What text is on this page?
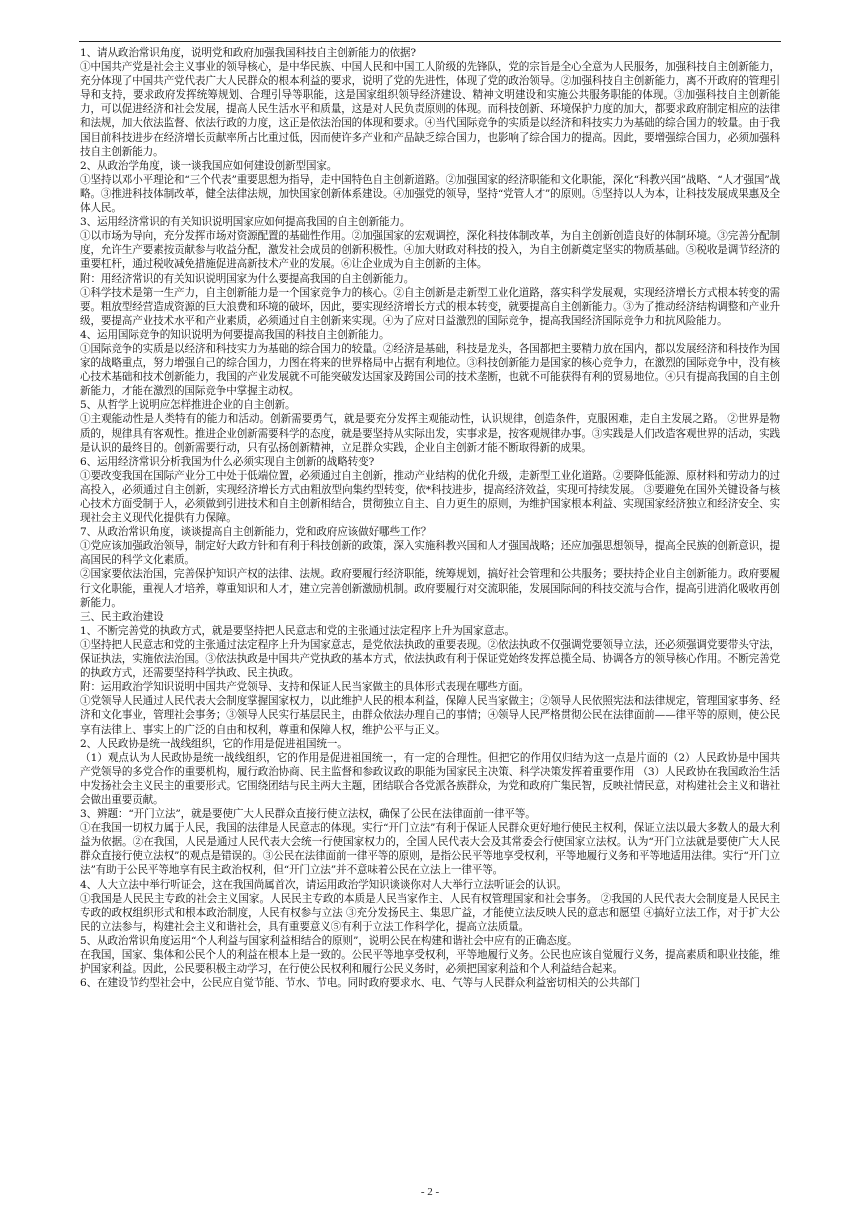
1、请从政治常识角度，说明党和政府加强我国科技自主创新能力的依据?

①中国共产党是社会主义事业的领导核心，是中华民族、中国人民和中国工人阶级的先锋队，党的宗旨是全心全意为人民服务，加强科技自主创新能力，充分体现了中国共产党代表广大人民群众的根本利益的要求，说明了党的先进性，体现了党的政治领导。②加强科技自主创新能力，离不开政府的管理引导和支持，要求政府发挥统筹规划、合理引导等职能，这是国家组织领导经济建设、精神文明建设和实施公共服务职能的体现。③加强科技自主创新能力，可以促进经济和社会发展，提高人民生活水平和质量，这是对人民负责原则的体现。而科技创新、环境保护力度的加大，都要求政府制定相应的法律和法规，加大依法监督、依法行政的力度，这正是依法治国的体现和要求。④当代国际竞争的实质是以经济和科技实力为基础的综合国力的较量。由于我国目前科技进步在经济增长贡献率所占比重过低，因而使许多产业和产品缺乏综合国力，也影响了综合国力的提高。因此，要增强综合国力，必须加强科技自主创新能力。

2、从政治学角度，谈一谈我国应如何建设创新型国家。

①坚持以邓小平理论和“三个代表”重要思想为指导，走中国特色自主创新道路。②加强国家的经济职能和文化职能，深化“科教兴国”战略、“人才强国”战略。③推进科技体制改革，健全法律法规，加快国家创新体系建设。④加强党的领导，坚持“党管人才”的原则。⑤坚持以人为本，让科技发展成果惠及全体人民。

3、运用经济常识的有关知识说明国家应如何提高我国的自主创新能力。

①以市场为导向，充分发挥市场对资源配置的基础性作用。②加强国家的宏观调控，深化科技体制改革，为自主创新创造良好的体制环境。③完善分配制度，允许生产要素按贡献参与收益分配，激发社会成员的创新积极性。④加大财政对科技的投入，为自主创新奠定坚实的物质基础。⑤税收是调节经济的重要杠杆，通过税收减免措施促进高新技术产业的发展。⑥让企业成为自主创新的主体。

附：用经济常识的有关知识说明国家为什么要提高我国的自主创新能力。

①科学技术是第一生产力，自主创新能力是一个国家竞争力的核心。②自主创新是走新型工业化道路，落实科学发展观，实现经济增长方式根本转变的需要。粗放型经营造成资源的巨大浪费和环境的破坏，因此，要实现经济增长方式的根本转变，就要提高自主创新能力。③为了推动经济结构调整和产业升级，要提高产业技术水平和产业素质，必须通过自主创新来实现。④为了应对日益激烈的国际竞争，提高我国经济国际竞争力和抗风险能力。

4、运用国际竞争的知识说明为何要提高我国的科技自主创新能力。

①国际竞争的实质是以经济和科技实力为基础的综合国力的较量。②经济是基础，科技是龙头，各国都把主要精力放在国内，都以发展经济和科技作为国家的战略重点，努力增强自己的综合国力，力图在将来的世界格局中占据有利地位。③科技创新能力是国家的核心竞争力，在激烈的国际竞争中，没有核心技术基础和技术创新能力，我国的产业发展就不可能突破发达国家及跨国公司的技术垄断，也就不可能获得有利的贸易地位。④只有提高我国的自主创新能力，才能在激烈的国际竞争中掌握主动权。

5、从哲学上说明应怎样推进企业的自主创新。

①主观能动性是人类特有的能力和活动。创新需要勇气，就是要充分发挥主观能动性，认识规律，创造条件，克服困难，走自主发展之路。 ②世界是物质的，规律具有客观性。推进企业创新需要科学的态度，就是要坚持从实际出发，实事求是，按客观规律办事。③实践是人们改造客观世界的活动，实践是认识的最终目的。创新需要行动，只有弘扬创新精神，立足群众实践，企业自主创新才能不断取得新的成果。

6、运用经济常识分析我国为什么必须实现自主创新的战略转变?

①要改变我国在国际产业分工中处于低端位置，必须通过自主创新，推动产业结构的优化升级，走新型工业化道路。②要降低能源、原材料和劳动力的过高投入，必须通过自主创新，实现经济增长方式由粗放型向集约型转变，依*科技进步，提高经济效益，实现可持续发展。 ③要避免在国外关键设备与核心技术方面受制于人，必须做到引进技术和自主创新相结合，贯彻独立自主、自力更生的原则，为维护国家根本利益、实现国家经济独立和经济安全、实现社会主义现代化提供有力保障。

7、从政治常识角度，谈谈提高自主创新能力，党和政府应该做好哪些工作？

①党应该加强政治领导，制定好大政方针和有利于科技创新的政策，深入实施科教兴国和人才强国战略；还应加强思想领导，提高全民族的创新意识，提高国民的科学文化素质。

②国家要依法治国，完善保护知识产权的法律、法规。政府要履行经济职能，统筹规划，搞好社会管理和公共服务；要扶持企业自主创新能力。政府要履行文化职能，重视人才培养，尊重知识和人才，建立完善创新激励机制。政府要履行对交流职能，发展国际间的科技交流与合作，提高引进消化吸收再创新能力。

三、民主政治建设

1、不断完善党的执政方式，就是要坚持把人民意志和党的主张通过法定程序上升为国家意志。

①坚持把人民意志和党的主张通过法定程序上升为国家意志，是党依法执政的重要表现。②依法执政不仅强调党要领导立法，还必须强调党要带头守法，保证执法，实施依法治国。③依法执政是中国共产党执政的基本方式，依法执政有利于保证党始终发挥总揽全局、协调各方的领导核心作用。不断完善党的执政方式，还需要坚持科学执政、民主执政。

附：运用政治学知识说明中国共产党领导、支持和保证人民当家做主的具体形式表现在哪些方面。

①党领导人民通过人民代表大会制度掌握国家权力，以此维护人民的根本利益，保障人民当家做主；②领导人民依照宪法和法律规定，管理国家事务、经济和文化事业，管理社会事务；③领导人民实行基层民主，由群众依法办理自己的事情；④领导人民严格贯彻公民在法律面前——律平等的原则，使公民享有法律上、事实上的广泛的自由和权利，尊重和保障人权，维护公平与正义。

2、人民政协是统一战线组织，它的作用是促进祖国统一。

（1）观点认为人民政协是统一战线组织，它的作用是促进祖国统一，有一定的合理性。但把它的作用仅归结为这一点是片面的（2）人民政协是中国共产党领导的多党合作的重要机构，履行政治协商、民主监督和参政议政的职能为国家民主决策、科学决策发挥着重要作用 （3）人民政协在我国政治生活中发扬社会主义民主的重要形式。它围绕团结与民主两大主题，团结联合各党派各族群众，为党和政府广集民智，反映社情民意，对构建社会主义和谐社会做出重要贡献。

3、辨题：“开门立法”，就是要使广大人民群众直接行使立法权，确保了公民在法律面前一律平等。

①在我国一切权力属于人民，我国的法律是人民意志的体现。实行“开门立法”有利于保证人民群众更好地行使民主权利，保证立法以最大多数人的最大利益为依据。②在我国，人民是通过人民代表大会统一行使国家权力的，全国人民代表大会及其常委会行使国家立法权。认为“开门立法就是要使广大人民群众直接行使立法权”的观点是错误的。③公民在法律面前一律平等的原则，是指公民平等地享受权利，平等地履行义务和平等地适用法律。实行“开门立法”有助于公民平等地享有民主政治权利，但“开门立法”并不意味着公民在立法上一律平等。

4、人大立法中举行听证会，这在我国尚属首次，请运用政治学知识谈谈你对人大举行立法听证会的认识。

①我国是人民民主专政的社会主义国家。人民民主专政的本质是人民当家作主、人民有权管理国家和社会事务。 ②我国的人民代表大会制度是人民民主专政的政权组织形式和根本政治制度，人民有权参与立法 ③充分发扬民主、集思广益，才能使立法反映人民的意志和愿望 ④搞好立法工作，对于扩大公民的立法参与，构建社会主义和谐社会，具有重要意义⑤有利于立法工作科学化，提高立法质量。

5、从政治常识角度运用“个人利益与国家利益相结合的原则”，说明公民在构建和谐社会中应有的正确态度。

在我国，国家、集体和公民个人的利益在根本上是一致的。公民平等地享受权利，平等地履行义务。公民也应该自觉履行义务，提高素质和职业技能，维护国家利益。因此，公民要积极主动学习，在行使公民权利和履行公民义务时，必须把国家利益和个人利益结合起来。

6、在建设节约型社会中，公民应自觉节能、节水、节电。同时政府要求水、电、气等与人民群众利益密切相关的公共部门

- 2 -
